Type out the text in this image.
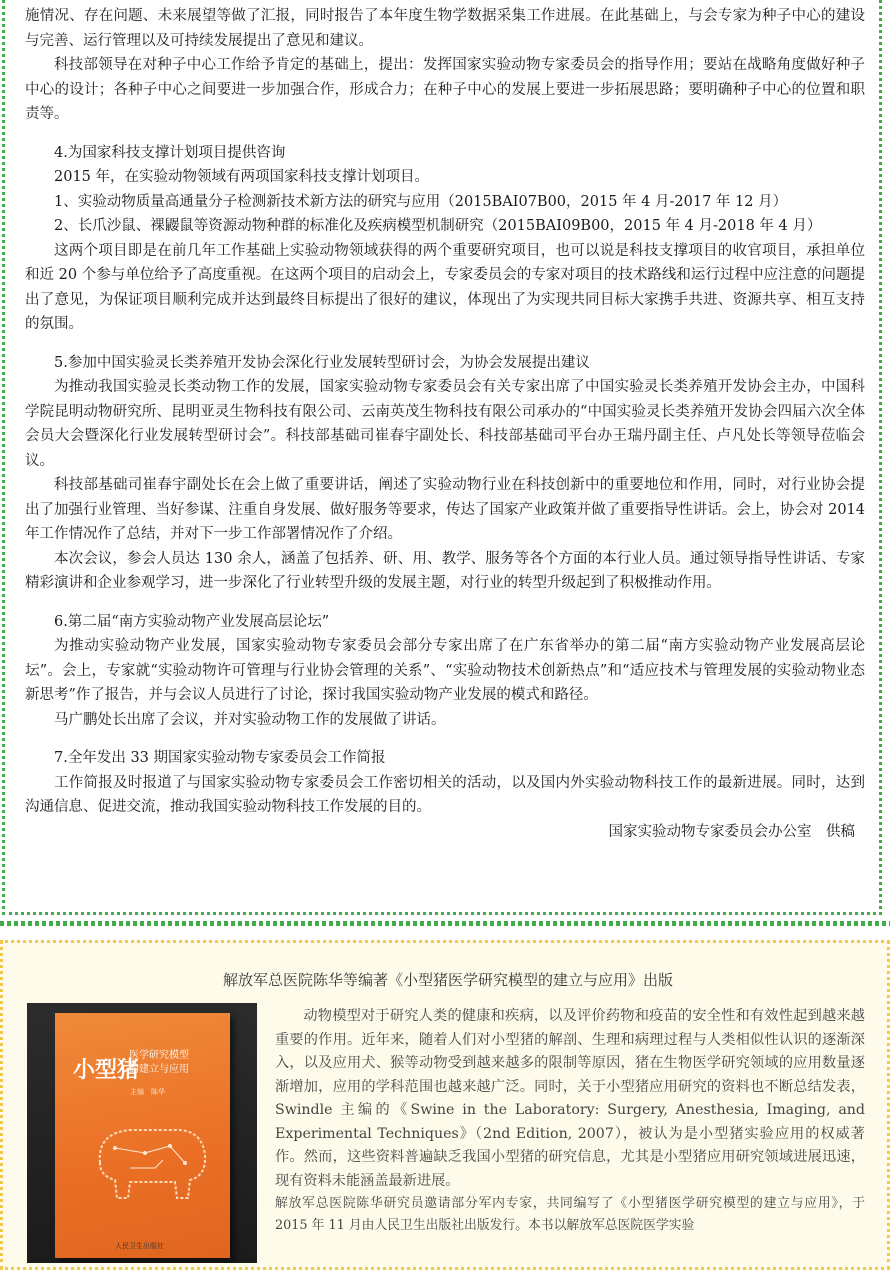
施情况、存在问题、未来展望等做了汇报，同时报告了本年度生物学数据采集工作进展。在此基础上，与会专家为种子中心的建设与完善、运行管理以及可持续发展提出了意见和建议。

科技部领导在对种子中心工作给予肯定的基础上，提出：发挥国家实验动物专家委员会的指导作用；要站在战略角度做好种子中心的设计；各种子中心之间要进一步加强合作，形成合力；在种子中心的发展上要进一步拓展思路；要明确种子中心的位置和职责等。

4.为国家科技支撑计划项目提供咨询

2015 年，在实验动物领域有两项国家科技支撑计划项目。

1、实验动物质量高通量分子检测新技术新方法的研究与应用（2015BAI07B00，2015 年 4 月-2017 年 12 月）

2、长爪沙鼠、裸鼹鼠等资源动物种群的标准化及疾病模型机制研究（2015BAI09B00，2015 年 4 月-2018 年 4 月）

这两个项目即是在前几年工作基础上实验动物领域获得的两个重要研究项目，也可以说是科技支撑项目的收官项目，承担单位和近 20 个参与单位给予了高度重视。在这两个项目的启动会上，专家委员会的专家对项目的技术路线和运行过程中应注意的问题提出了意见，为保证项目顺利完成并达到最终目标提出了很好的建议，体现出了为实现共同目标大家携手共进、资源共享、相互支持的氛围。

5.参加中国实验灵长类养殖开发协会深化行业发展转型研讨会，为协会发展提出建议

为推动我国实验灵长类动物工作的发展，国家实验动物专家委员会有关专家出席了中国实验灵长类养殖开发协会主办，中国科学院昆明动物研究所、昆明亚灵生物科技有限公司、云南英茂生物科技有限公司承办的“中国实验灵长类养殖开发协会四届六次全体会员大会暨深化行业发展转型研讨会”。科技部基础司崔春宇副处长、科技部基础司平台办王瑞丹副主任、卢凡处长等领导莅临会议。

科技部基础司崔春宇副处长在会上做了重要讲话，阐述了实验动物行业在科技创新中的重要地位和作用，同时，对行业协会提出了加强行业管理、当好参谋、注重自身发展、做好服务等要求，传达了国家产业政策并做了重要指导性讲话。会上，协会对 2014 年工作情况作了总结，并对下一步工作部署情况作了介绍。

本次会议，参会人员达 130 余人，涵盖了包括养、研、用、教学、服务等各个方面的本行业人员。通过领导指导性讲话、专家精彩演讲和企业参观学习，进一步深化了行业转型升级的发展主题，对行业的转型升级起到了积极推动作用。

6.第二届“南方实验动物产业发展高层论坛”

为推动实验动物产业发展，国家实验动物专家委员会部分专家出席了在广东省举办的第二届“南方实验动物产业发展高层论坛”。会上，专家就“实验动物许可管理与行业协会管理的关系”、“实验动物技术创新热点”和“适应技术与管理发展的实验动物业态新思考”作了报告，并与会议人员进行了讨论，探讨我国实验动物产业发展的模式和路径。

马广鹏处长出席了会议，并对实验动物工作的发展做了讲话。

7.全年发出 33 期国家实验动物专家委员会工作简报

工作简报及时报道了与国家实验动物专家委员会工作密切相关的活动，以及国内外实验动物科技工作的最新进展。同时，达到沟通信息、促进交流，推动我国实验动物科技工作发展的目的。

国家实验动物专家委员会办公室　供稿

解放军总医院陈华等编著《小型猪医学研究模型的建立与应用》出版
小型猪
医学研究模型
的建立与应用
主编　陈华
人民卫生出版社

动物模型对于研究人类的健康和疾病，以及评价药物和疫苗的安全性和有效性起到越来越重要的作用。近年来，随着人们对小型猪的解剖、生理和病理过程与人类相似性认识的逐渐深入，以及应用犬、猴等动物受到越来越多的限制等原因，猪在生物医学研究领域的应用数量逐渐增加，应用的学科范围也越来越广泛。同时，关于小型猪应用研究的资料也不断总结发表，Swindle 主编的《Swine in the Laboratory: Surgery, Anesthesia, Imaging, and Experimental Techniques》（2nd Edition, 2007），被认为是小型猪实验应用的权威著作。然而，这些资料普遍缺乏我国小型猪的研究信息，尤其是小型猪应用研究领域进展迅速，现有资料未能涵盖最新进展。

解放军总医院陈华研究员邀请部分军内专家，共同编写了《小型猪医学研究模型的建立与应用》，于 2015 年 11 月由人民卫生出版社出版发行。本书以解放军总医院医学实验
